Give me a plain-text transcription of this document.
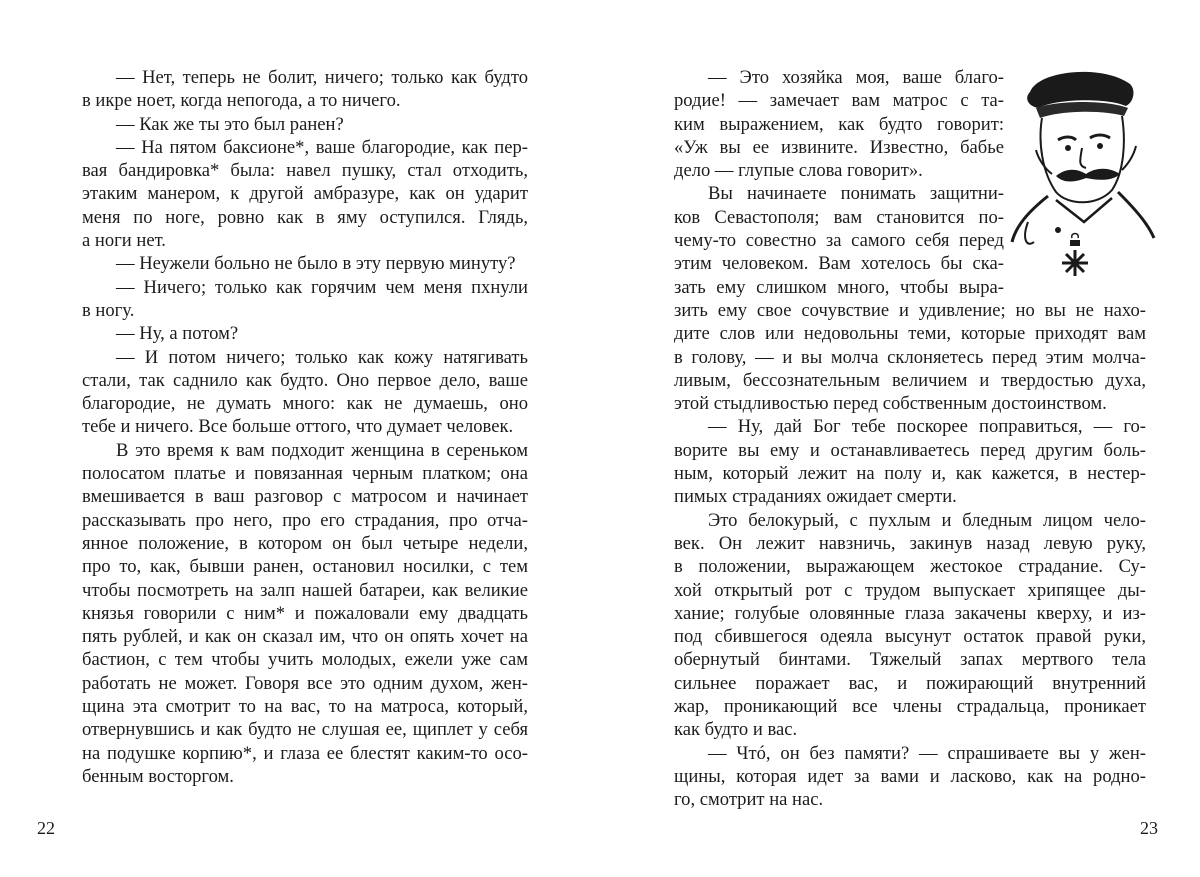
— Нет, теперь не болит, ничего; только как будто
в икре ноет, когда непогода, а то ничего.
— Как же ты это был ранен?
— На пятом баксионе*, ваше благородие, как пер-
вая бандировка* была: навел пушку, стал отходить,
этаким манером, к другой амбразуре, как он ударит
меня по ноге, ровно как в яму оступился. Глядь,
а ноги нет.
— Неужели больно не было в эту первую минуту?
— Ничего; только как горячим чем меня пхнули
в ногу.
— Ну, а потом?
— И потом ничего; только как кожу натягивать
стали, так саднило как будто. Оно первое дело, ваше
благородие, не думать много: как не думаешь, оно
тебе и ничего. Все больше оттого, что думает человек.
В это время к вам подходит женщина в сереньком
полосатом платье и повязанная черным платком; она
вмешивается в ваш разговор с матросом и начинает
рассказывать про него, про его страдания, про отча-
янное положение, в котором он был четыре недели,
про то, как, бывши ранен, остановил носилки, с тем
чтобы посмотреть на залп нашей батареи, как великие
князья говорили с ним* и пожаловали ему двадцать
пять рублей, и как он сказал им, что он опять хочет на
бастион, с тем чтобы учить молодых, ежели уже сам
работать не может. Говоря все это одним духом, жен-
щина эта смотрит то на вас, то на матроса, который,
отвернувшись и как будто не слушая ее, щиплет у себя
на подушке корпию*, и глаза ее блестят каким-то осо-
бенным восторгом.
22	23
— Это хозяйка моя, ваше благо-
родие! — замечает вам матрос с та-
ким выражением, как будто говорит:
«Уж вы ее извините. Известно, бабье
дело — глупые слова говорит».
Вы начинаете понимать защитни-
ков Севастополя; вам становится по-
чему-то совестно за самого себя перед
этим человеком. Вам хотелось бы ска-
зать ему слишком много, чтобы выра-
зить ему свое сочувствие и удивление; но вы не нахо-
дите слов или недовольны теми, которые приходят вам
в голову, — и вы молча склоняетесь перед этим молча-
ливым, бессознательным величием и твердостью духа,
этой стыдливостью перед собственным достоинством.
— Ну, дай Бог тебе поскорее поправиться, — го-
ворите вы ему и останавливаетесь перед другим боль-
ным, который лежит на полу и, как кажется, в нестер-
пимых страданиях ожидает смерти.
Это белокурый, с пухлым и бледным лицом чело-
век. Он лежит навзничь, закинув назад левую руку,
в положении, выражающем жестокое страдание. Су-
хой открытый рот с трудом выпускает хрипящее ды-
хание; голубые оловянные глаза закачены кверху, и из-
под сбившегося одеяла высунут остаток правой руки,
обернутый бинтами. Тяжелый запах мертвого тела
сильнее поражает вас, и пожирающий внутренний
жар, проникающий все члены страдальца, проникает
как будто и вас.
— Чтó, он без памяти? — спрашиваете вы у жен-
щины, которая идет за вами и ласково, как на родно-
го, смотрит на нас.
